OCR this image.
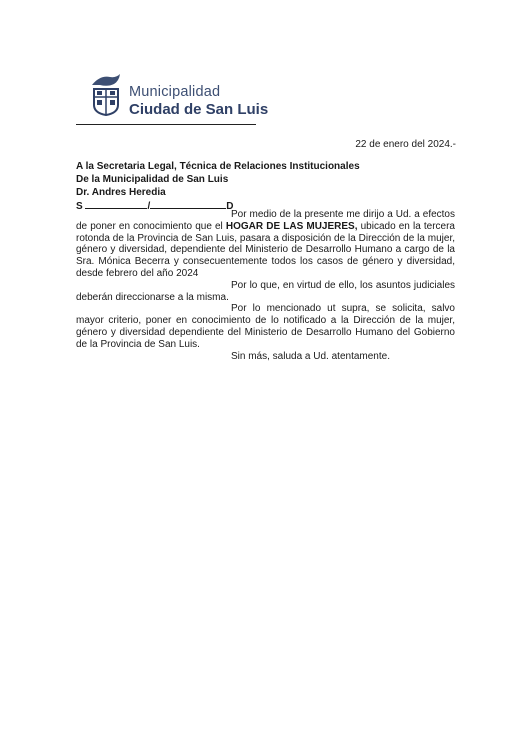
Municipalidad
Ciudad de San Luis
22 de enero del 2024.-
A la Secretaria Legal, Técnica de Relaciones Institucionales
De la Municipalidad de San Luis
Dr. Andres Heredia
S	/	D

Por medio de la presente me dirijo a Ud. a efectos de poner en conocimiento que el HOGAR DE LAS MUJERES, ubicado en la tercera rotonda de la Provincia de San Luis, pasara a disposición de la Dirección de la mujer, género y diversidad, dependiente del Ministerio de Desarrollo Humano a cargo de la Sra. Mónica Becerra y consecuentemente todos los casos de género y diversidad, desde febrero del año 2024

Por lo que, en virtud de ello, los asuntos judiciales deberán direccionarse a la misma.

Por lo mencionado ut supra, se solicita, salvo mayor criterio, poner en conocimiento de lo notificado a la Dirección de la mujer, género y diversidad dependiente del Ministerio de Desarrollo Humano del Gobierno de la Provincia de San Luis.

Sin más, saluda a Ud. atentamente.
